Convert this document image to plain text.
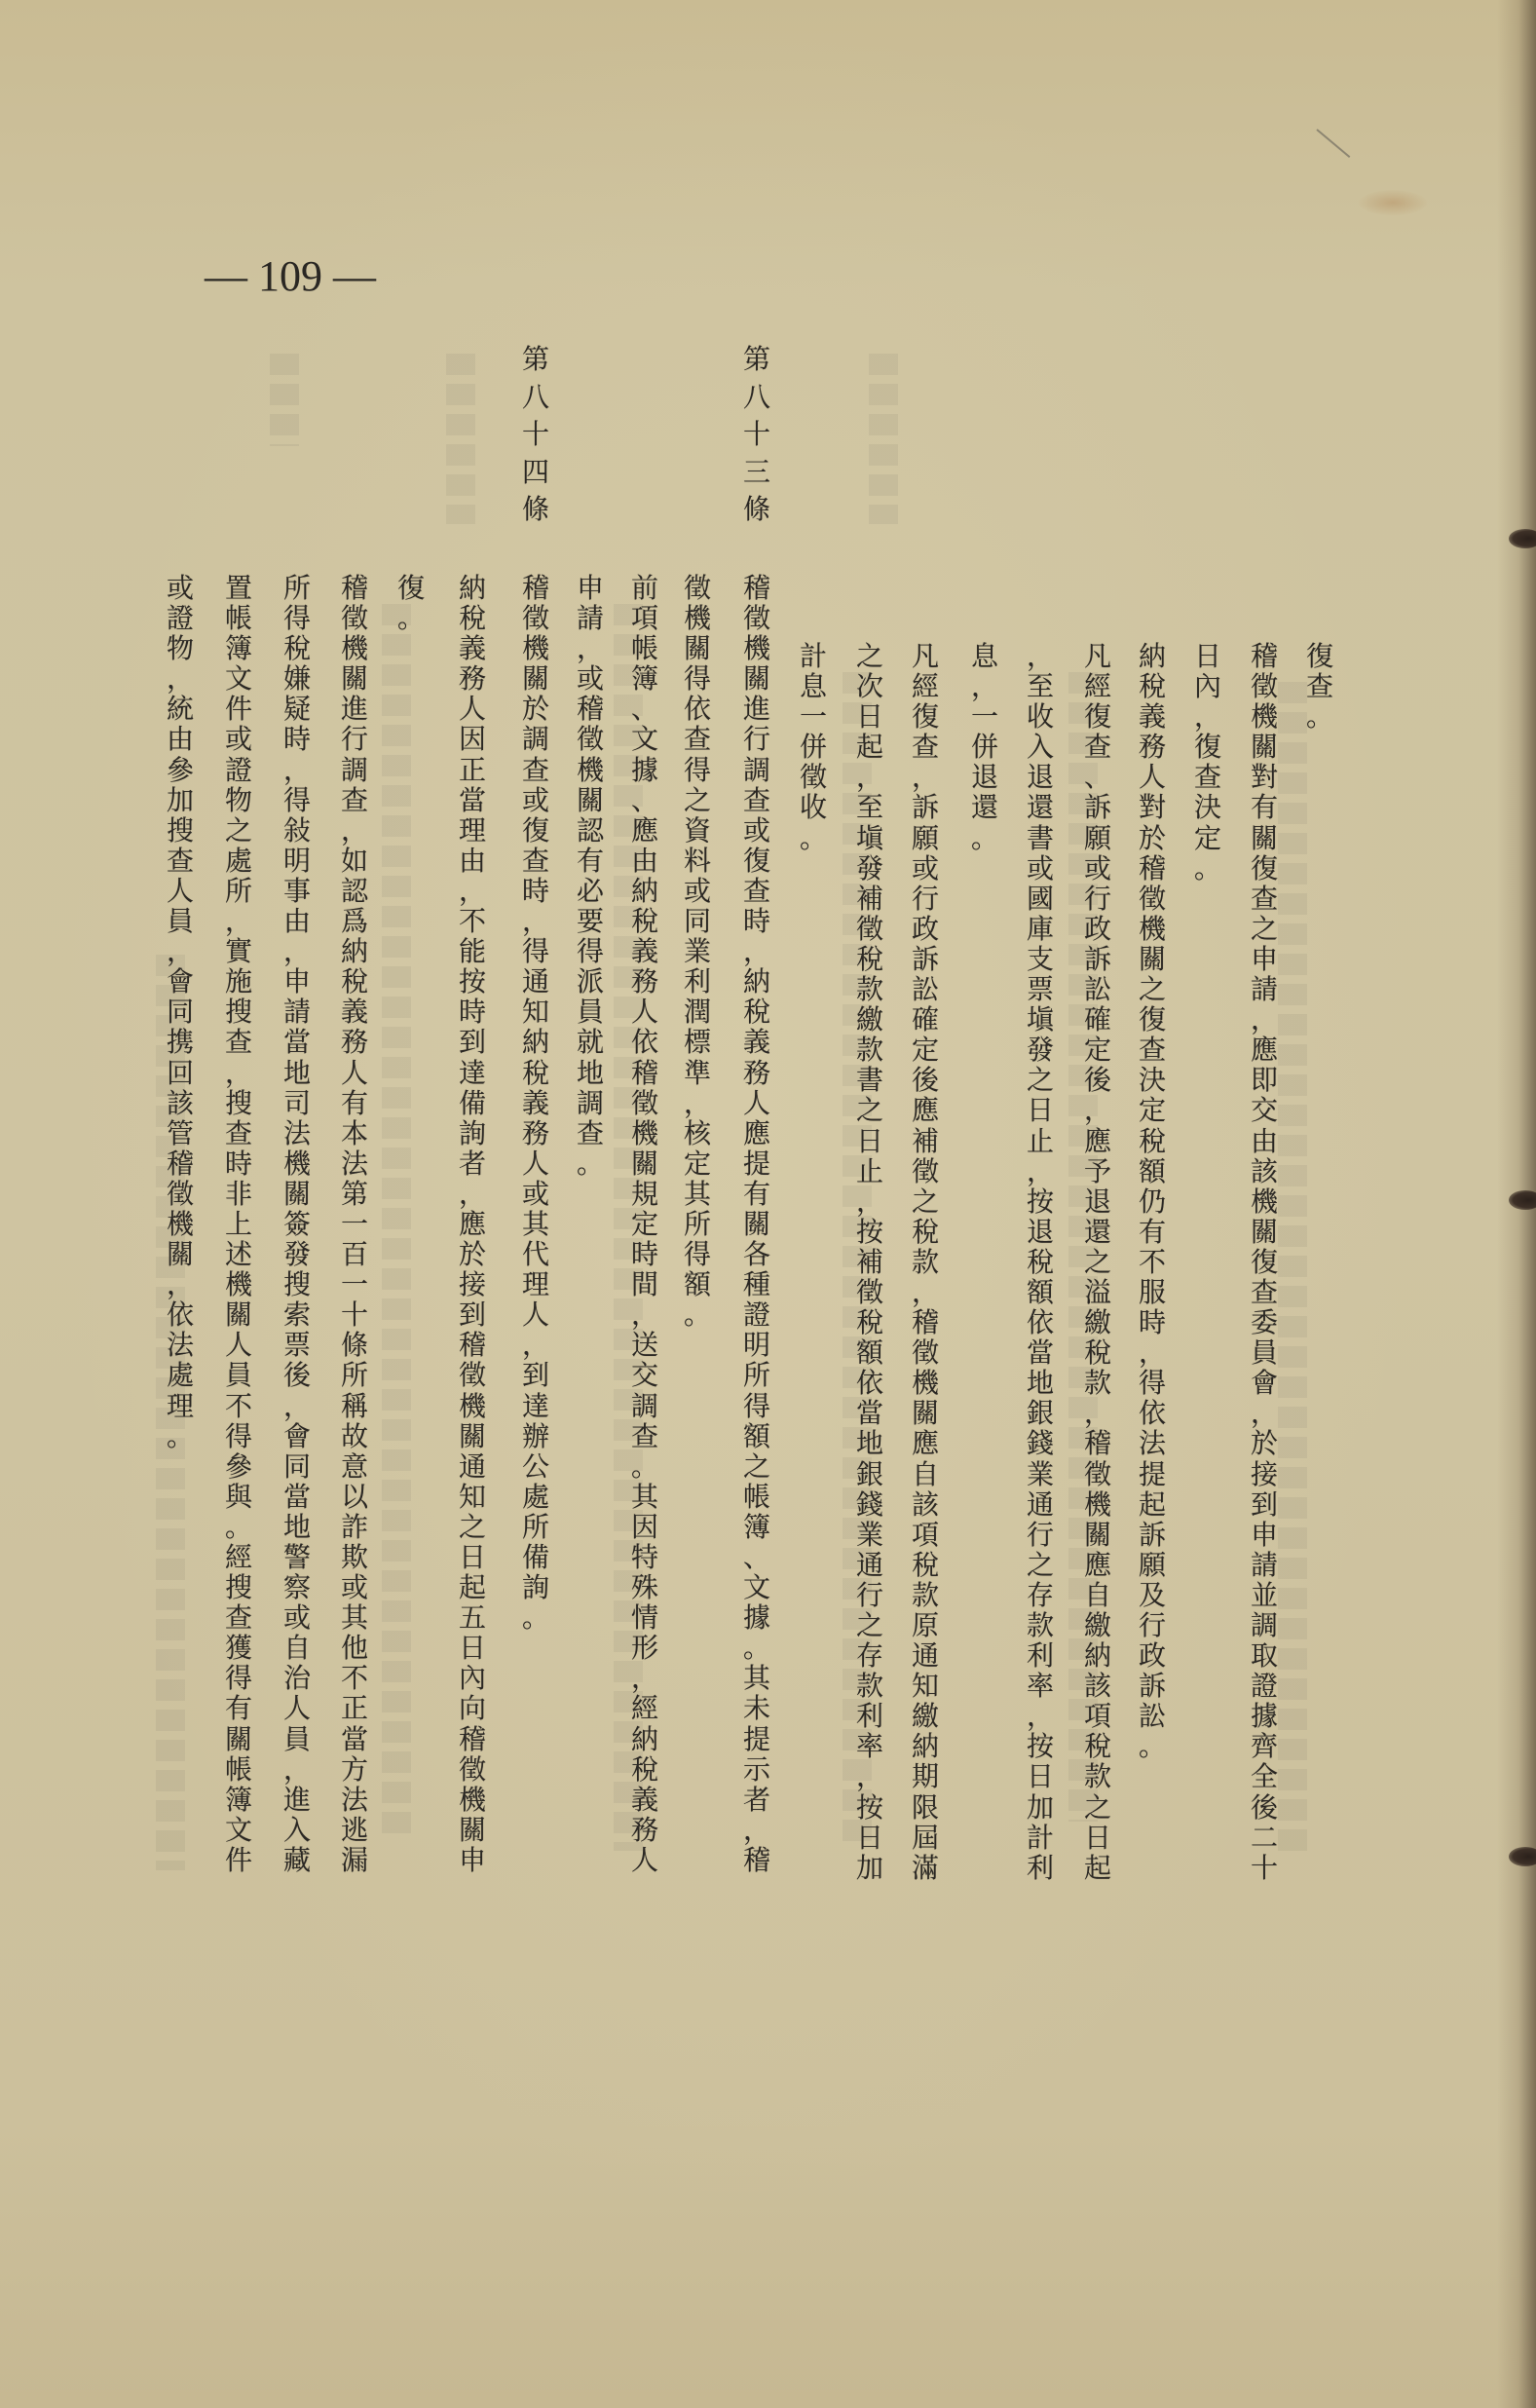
— 109 —
復
查
。
稽
徵
機
關
對
有
關
復
查
之
申
請
，
應
即
交
由
該
機
關
復
查
委
員
會
，
於
接
到
申
請
並
調
取
證
據
齊
全
後
二
十
日
內
，
復
查
決
定
。
納
稅
義
務
人
對
於
稽
徵
機
關
之
復
查
決
定
稅
額
仍
有
不
服
時
，
得
依
法
提
起
訴
願
及
行
政
訴
訟
。
凡
經
復
查
、
訴
願
或
行
政
訴
訟
確
定
後
，
應
予
退
還
之
溢
繳
稅
款
，
稽
徵
機
關
應
自
繳
納
該
項
稅
款
之
日
起
，
至
收
入
退
還
書
或
國
庫
支
票
塡
發
之
日
止
，
按
退
稅
額
依
當
地
銀
錢
業
通
行
之
存
款
利
率
，
按
日
加
計
利
息
，
一
併
退
還
。
凡
經
復
查
，
訴
願
或
行
政
訴
訟
確
定
後
應
補
徵
之
稅
款
，
稽
徵
機
關
應
自
該
項
稅
款
原
通
知
繳
納
期
限
屆
滿
之
次
日
起
，
至
塡
發
補
徵
稅
款
繳
款
書
之
日
止
，
按
補
徵
稅
額
依
當
地
銀
錢
業
通
行
之
存
款
利
率
，
按
日
加
計
息
一
併
徵
收
。
第
八
十
三
條
稽
徵
機
關
進
行
調
查
或
復
查
時
，
納
稅
義
務
人
應
提
有
關
各
種
證
明
所
得
額
之
帳
簿
、
文
據
。
其
未
提
示
者
，
稽
徵
機
關
得
依
查
得
之
資
料
或
同
業
利
潤
標
準
，
核
定
其
所
得
額
。
前
項
帳
簿
、
文
據
、
應
由
納
稅
義
務
人
依
稽
徵
機
關
規
定
時
間
，
送
交
調
查
。
其
因
特
殊
情
形
，
經
納
稅
義
務
人
申
請
，
或
稽
徵
機
關
認
有
必
要
得
派
員
就
地
調
查
。
第
八
十
四
條
稽
徵
機
關
於
調
查
或
復
查
時
，
得
通
知
納
稅
義
務
人
或
其
代
理
人
，
到
達
辦
公
處
所
備
詢
。
納
稅
義
務
人
因
正
當
理
由
，
不
能
按
時
到
達
備
詢
者
，
應
於
接
到
稽
徵
機
關
通
知
之
日
起
五
日
內
向
稽
徵
機
關
申
復
。
稽
徵
機
關
進
行
調
查
，
如
認
爲
納
稅
義
務
人
有
本
法
第
一
百
一
十
條
所
稱
故
意
以
詐
欺
或
其
他
不
正
當
方
法
逃
漏
所
得
稅
嫌
疑
時
，
得
敍
明
事
由
，
申
請
當
地
司
法
機
關
簽
發
搜
索
票
後
，
會
同
當
地
警
察
或
自
治
人
員
，
進
入
藏
置
帳
簿
文
件
或
證
物
之
處
所
，
實
施
搜
查
，
搜
查
時
非
上
述
機
關
人
員
不
得
參
與
。
經
搜
查
獲
得
有
關
帳
簿
文
件
或
證
物
，
統
由
參
加
搜
查
人
員
，
會
同
携
回
該
管
稽
徵
機
關
，
依
法
處
理
。
